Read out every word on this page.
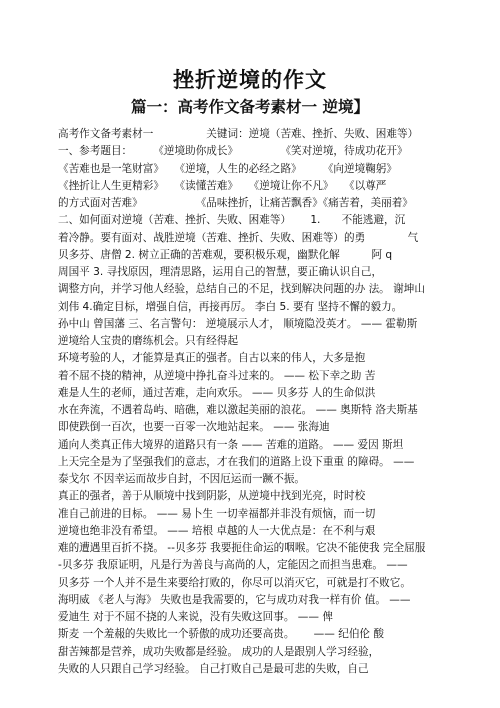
挫折逆境的作文
篇一：高考作文备考素材一 逆境】
高考作文备考素材一　　　　　关键词：逆境（苦难、挫折、失败、困难等）
一、参考题目：　　　《逆境助你成长》　　　　　《笑对逆境，待成功花开》
《苦难也是一笔财富》　　《逆境，人生的必经之路》　　　《向逆境鞠躬》
《挫折让人生更精彩》　　《读懂苦难》　　《逆境让你不凡》　　《以尊严
的方式面对苦难》　　　　　　《品味挫折，让痛苦飘香》《痛苦着，美丽着》
二、如何面对逆境（苦难、挫折、失败、困难等）　　 1.　　不能逃避，沉
着冷静。要有面对、战胜逆境（苦难、挫折、失败、困难等）的勇　　　　气
贝多芬、唐僧 2. 树立正确的苦难观，要积极乐观，幽默化解　　　阿 q
周国平 3. 寻找原因，理清思路，运用自己的智慧，要正确认识自己，
调整方向，并学习他人经验，总结自己的不足，找到解决问题的办 法。 谢坤山
刘伟 4.确定目标，增强自信，再接再厉。 李白 5. 要有 坚持不懈的毅力。
孙中山 曾国藩 三、名言警句： 逆境展示人才， 顺境隐没英才。 —— 霍勒斯
逆境给人宝贵的磨练机会。只有经得起
环境考验的人，才能算是真正的强者。自古以来的伟人，大多是抱
着不屈不挠的精神，从逆境中挣扎奋斗过来的。 —— 松下幸之助 苦
难是人生的老师，通过苦难，走向欢乐。 —— 贝多芬 人的生命似洪
水在奔流，不遇着岛屿、暗礁，难以激起美丽的浪花。 —— 奥斯特 洛夫斯基
即使跌倒一百次，也要一百零一次地站起来。 —— 张海迪
通向人类真正伟大境界的道路只有一条 —— 苦难的道路。 —— 爱因 斯坦
上天完全是为了坚强我们的意志，才在我们的道路上设下重重 的障碍。 ——
泰戈尔 不因幸运而故步自封，不因厄运而一蹶不振。
真正的强者，善于从顺境中找到阴影，从逆境中找到光亮，时时校
准自己前进的目标。 —— 易卜生 一切幸福都并非没有烦恼，而一切
逆境也绝非没有希望。 —— 培根 卓越的人一大优点是：在不利与艰
难的遭遇里百折不挠。 --贝多芬 我要扼住命运的咽喉。它决不能使我 完全屈服
-贝多芬 我原证明，凡是行为善良与高尚的人，定能因之而担当患难。 ——
贝多芬 一个人并不是生来要给打败的，你尽可以消灭它，可就是打不败它。
海明威 《老人与海》 失败也是我需要的，它与成功对我一样有价 值。 ——
爱迪生 对于不屈不挠的人来说，没有失败这回事。 —— 俾
斯麦 一个羞赧的失败比一个骄傲的成功还要高贵。　　 —— 纪伯伦 酸
甜苦辣都是营养，成功失败都是经验。 成功的人是跟别人学习经验，
失败的人只跟自己学习经验。 自己打败自己是最可悲的失败，自己
